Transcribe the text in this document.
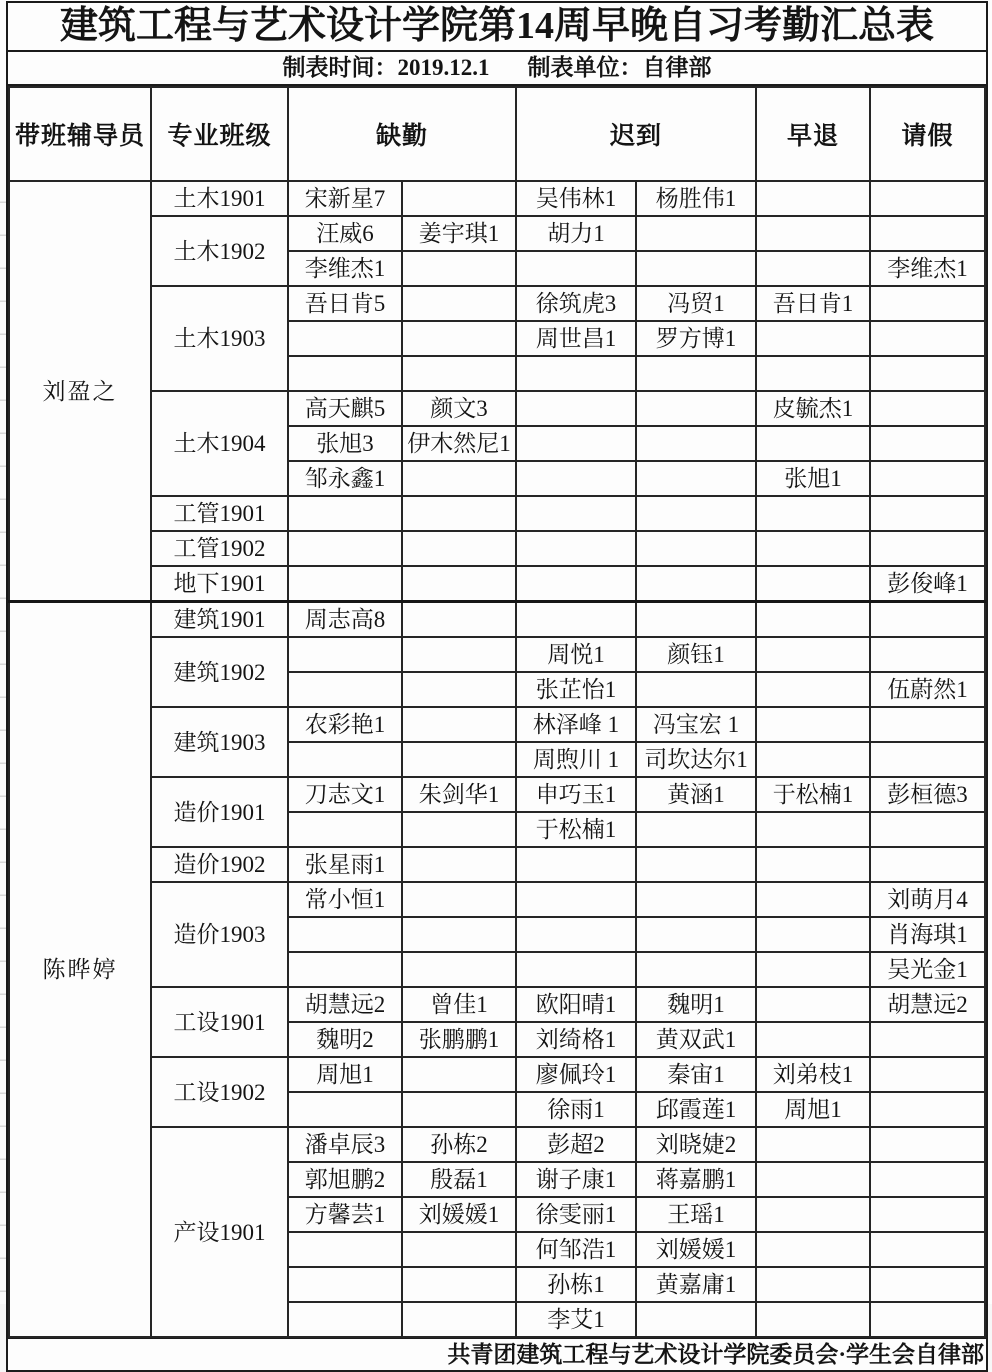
建筑工程与艺术设计学院第14周早晚自习考勤汇总表
制表时间：2019.12.1 制表单位：自律部
带班辅导员	专业班级	缺勤		迟到		早退	请假
刘盈之	土木1901	宋新星7		吴伟林1	杨胜伟1		
	土木1902	汪威6	姜宇琪1	胡力1			
		李维杰1					李维杰1
	土木1903	吾日肯5		徐筑虎3	冯贸1	吾日肯1	
				周世昌1	罗方博1		

	土木1904	高天麒5	颜文3			皮毓杰1	
		张旭3	伊木然尼1				
		邹永鑫1				张旭1	
	工管1901						
	工管1902						
	地下1901						彭俊峰1
陈晔婷	建筑1901	周志高8					
	建筑1902			周悦1	颜钰1		
				张芷怡1			伍蔚然1
	建筑1903	农彩艳1		林泽峰 1	冯宝宏 1		
				周煦川 1	司坎达尔1		
	造价1901	刀志文1	朱剑华1	申巧玉1	黄涵1	于松楠1	彭桓德3
				于松楠1			
	造价1902	张星雨1					
	造价1903	常小恒1					刘萌月4
							肖海琪1
							吴光金1
	工设1901	胡慧远2	曾佳1	欧阳晴1	魏明1		胡慧远2
		魏明2	张鹏鹏1	刘绮格1	黄双武1		
	工设1902	周旭1		廖佩玲1	秦宙1	刘弟枝1	
				徐雨1	邱霞莲1	周旭1	
	产设1901	潘卓辰3	孙栋2	彭超2	刘晓婕2		
		郭旭鹏2	殷磊1	谢子康1	蒋嘉鹏1		
		方馨芸1	刘媛媛1	徐雯丽1	王瑶1		
				何邹浩1	刘媛媛1		
				孙栋1	黄嘉庸1		
				李艾1			
共青团建筑工程与艺术设计学院委员会·学生会自律部
